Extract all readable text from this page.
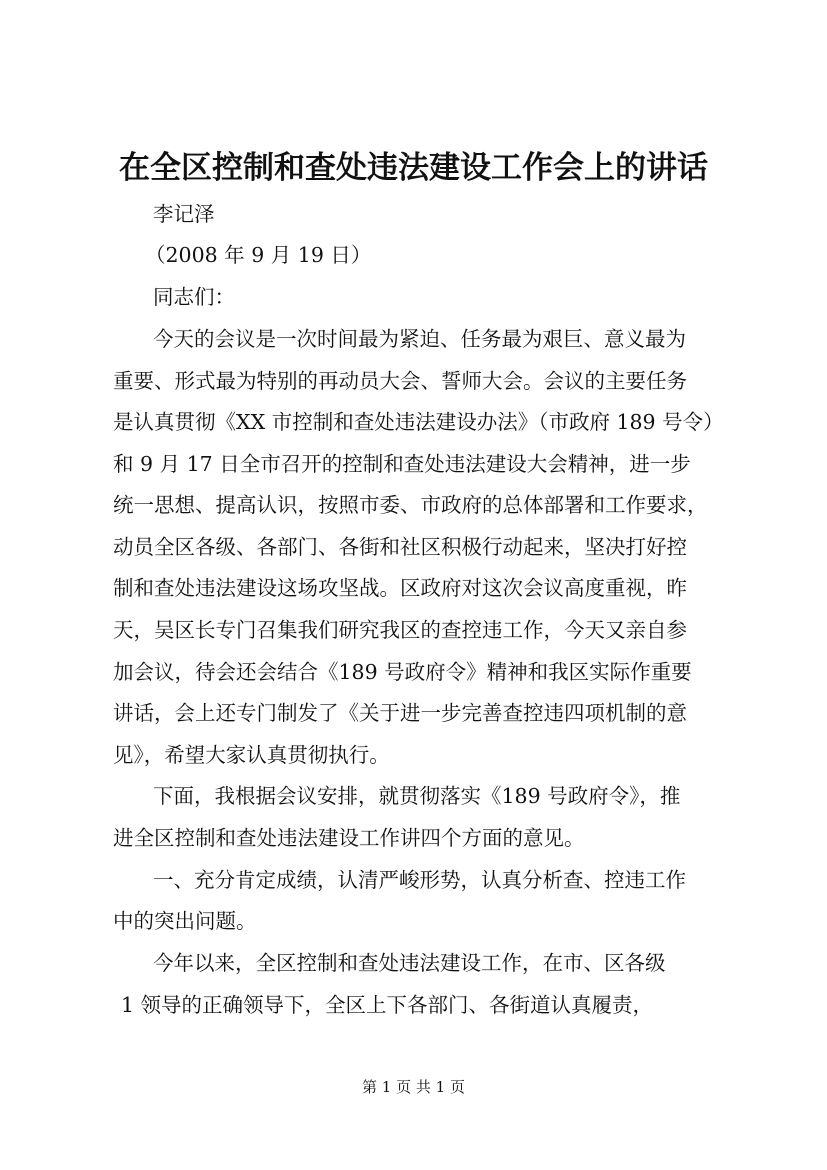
在全区控制和查处违法建设工作会上的讲话
李记泽
（2008 年 9 月 19 日）
同志们：
今天的会议是一次时间最为紧迫、任务最为艰巨、意义最为
重要、形式最为特别的再动员大会、誓师大会。会议的主要任务
是认真贯彻《XX 市控制和查处违法建设办法》（市政府 189 号令）
和 9 月 17 日全市召开的控制和查处违法建设大会精神，进一步
统一思想、提高认识，按照市委、市政府的总体部署和工作要求，
动员全区各级、各部门、各街和社区积极行动起来，坚决打好控
制和查处违法建设这场攻坚战。区政府对这次会议高度重视，昨
天，吴区长专门召集我们研究我区的查控违工作，今天又亲自参
加会议，待会还会结合《189 号政府令》精神和我区实际作重要
讲话，会上还专门制发了《关于进一步完善查控违四项机制的意
见》，希望大家认真贯彻执行。
下面，我根据会议安排，就贯彻落实《189 号政府令》，推
进全区控制和查处违法建设工作讲四个方面的意见。
一、充分肯定成绩，认清严峻形势，认真分析查、控违工作
中的突出问题。
今年以来，全区控制和查处违法建设工作，在市、区各级
1 领导的正确领导下，全区上下各部门、各街道认真履责，
第 1 页 共 1 页
